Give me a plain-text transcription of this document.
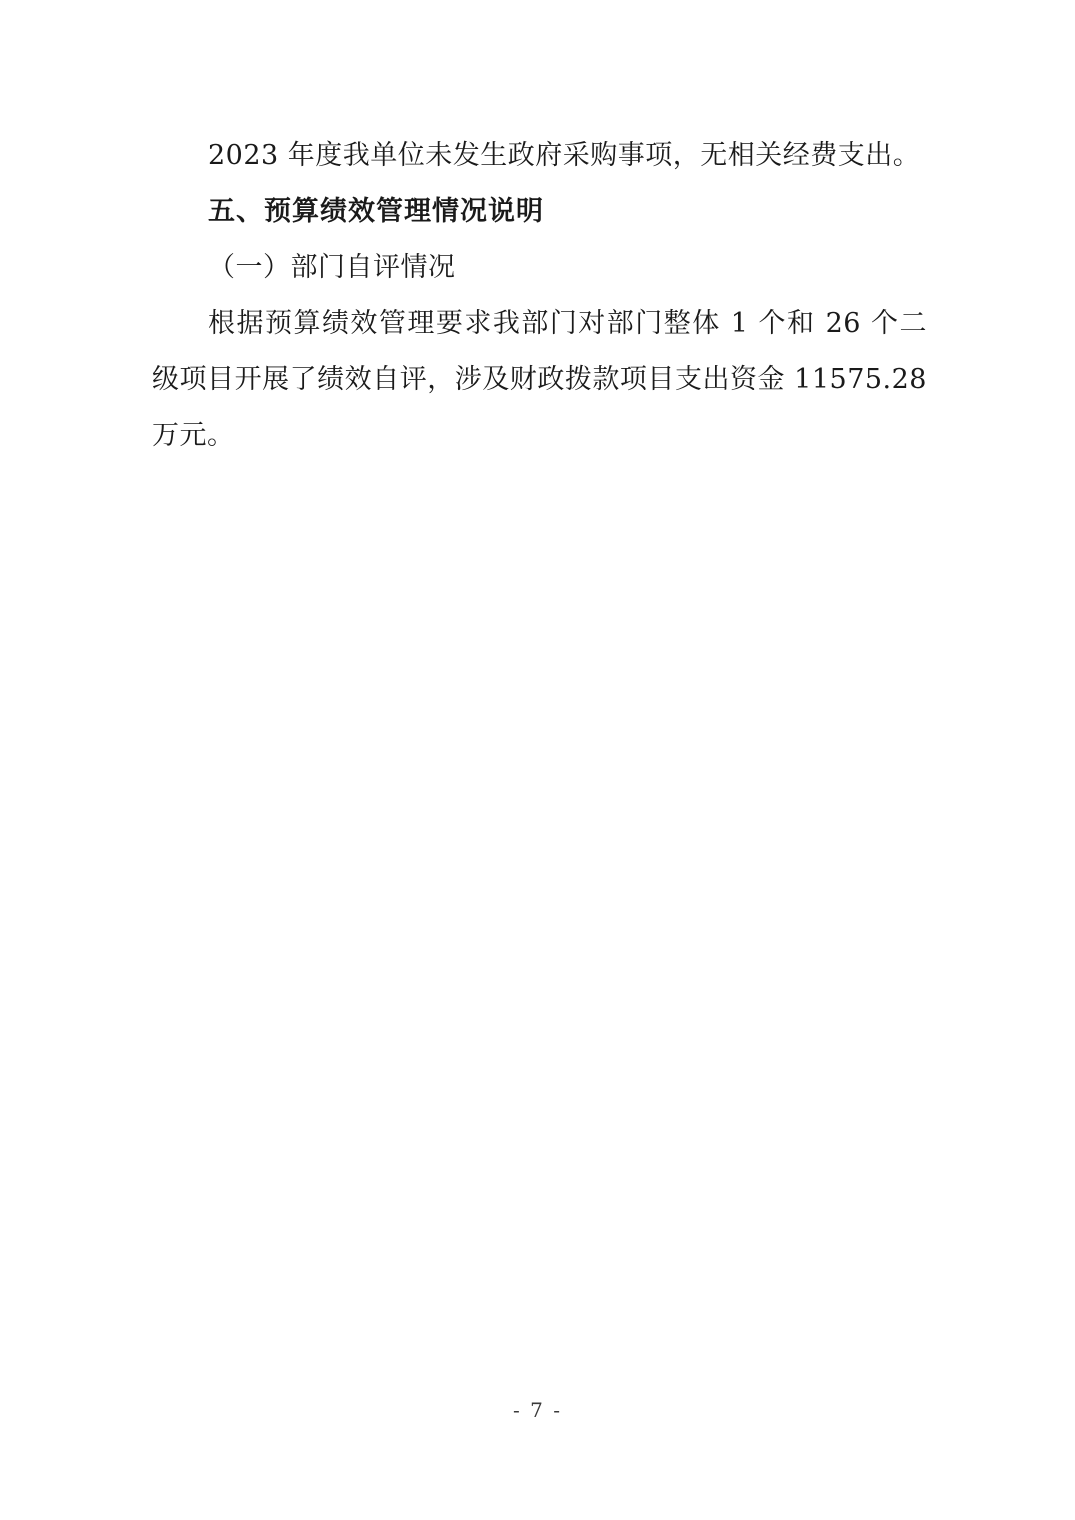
2023 年度我单位未发生政府采购事项，无相关经费支出。

五、预算绩效管理情况说明

（一）部门自评情况

根据预算绩效管理要求我部门对部门整体 1 个和 26 个二级项目开展了绩效自评，涉及财政拨款项目支出资金 11575.28 万元。

- 7 -
